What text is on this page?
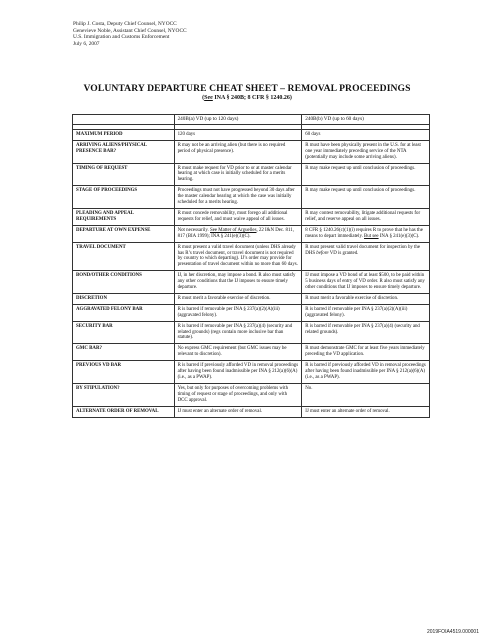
Philip J. Costa, Deputy Chief Counsel, NYOCC
Genevieve Noble, Assistant Chief Counsel, NYOCC
U.S. Immigration and Customs Enforcement
July 6, 2007
VOLUNTARY DEPARTURE CHEAT SHEET – REMOVAL PROCEEDINGS
(See INA § 240B; 8 CFR § 1240.26)
	240B(a) VD (up to 120 days)	240B(b) VD (up to 60 days)

MAXIMUM PERIOD	120 days	60 days
ARRIVING ALIENS/PHYSICAL PRESENCE BAR?	R may not be an arriving alien (but there is no required period of physical presence).	R must have been physically present in the U.S. for at least one year immediately preceding service of the NTA (potentially may include some arriving aliens).
TIMING OF REQUEST	R must make request for VD prior to or at master calendar hearing at which case is initially scheduled for a merits hearing.	R may make request up until conclusion of proceedings.
STAGE OF PROCEEDINGS	Proceedings must not have progressed beyond 30 days after the master calendar hearing at which the case was initially scheduled for a merits hearing.	R may make request up until conclusion of proceedings.
PLEADING AND APPEAL REQUIREMENTS	R must concede removability, must forego all additional requests for relief, and must waive appeal of all issues.	R may contest removability, litigate additional requests for relief, and reserve appeal on all issues.
DEPARTURE AT OWN EXPENSE	Not necessarily. See Matter of Arguelles, 22 I&N Dec. 811, 817 (BIA 1999); INA § 241(e)(3)(C).	8 CFR § 1240.26(c)(1)(i) requires R to prove that he has the means to depart immediately. But see INA § 241(e)(3)(C).
TRAVEL DOCUMENT	R must present a valid travel document (unless DHS already has R’s travel document, or travel document is not required by country to which departing). IJ’s order may provide for presentation of travel document within no more than 60 days.	R must present valid travel document for inspection by the DHS before VD is granted.
BOND/OTHER CONDITIONS	IJ, in her discretion, may impose a bond. R also must satisfy any other conditions that the IJ imposes to ensure timely departure.	IJ must impose a VD bond of at least $500, to be paid within 5 business days of entry of VD order. R also must satisfy any other conditions that IJ imposes to ensure timely departure.
DISCRETION	R must merit a favorable exercise of discretion.	R must merit a favorable exercise of discretion.
AGGRAVATED FELONY BAR	R is barred if removable per INA § 237(a)(2)(A)(iii) (aggravated felony).	R is barred if removable per INA § 237(a)(2)(A)(iii) (aggravated felony).
SECURITY BAR	R is barred if removable per INA § 237(a)(4) (security and related grounds) (regs contain more inclusive bar than statute).	R is barred if removable per INA § 237(a)(4) (security and related grounds).
GMC BAR?	No express GMC requirement (but GMC issues may be relevant to discretion).	R must demonstrate GMC for at least five years immediately preceding the VD application.
PREVIOUS VD BAR	R is barred if previously afforded VD in removal proceedings after having been found inadmissible per INA § 212(a)(6)(A) (i.e., as a PWAP).	R is barred if previously afforded VD in removal proceedings after having been found inadmissible per INA § 212(a)(6)(A) (i.e., as a PWAP).
BY STIPULATION?	Yes, but only for purposes of overcoming problems with timing of request or stage of proceedings, and only with DCC approval.	No.
ALTERNATE ORDER OF REMOVAL	IJ must enter an alternate order of removal.	IJ must enter an alternate order of removal.
2019FOIA4519.000001
